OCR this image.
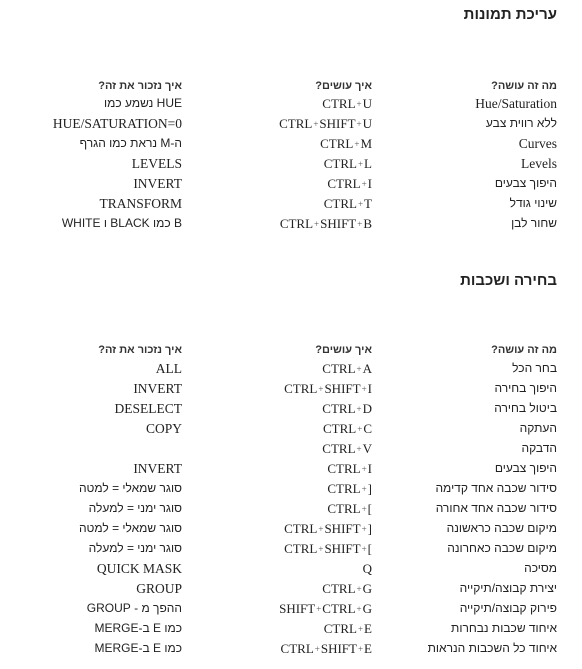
עריכת תמונות
מה זה עושה?
איך עושים?
איך נזכור את זה?
Hue/Saturation
CTRL+U
HUE נשמע כמו
ללא רווית צבע
CTRL+SHIFT+U
HUE/SATURATION=0
Curves
CTRL+M
ה-M נראת כמו הגרף
Levels
CTRL+L
LEVELS
היפוך צבעים
CTRL+I
INVERT
שינוי גודל
CTRL+T
TRANSFORM
שחור לבן
CTRL+SHIFT+B
B כמו BLACK ו WHITE
בחירה ושכבות
מה זה עושה?
איך עושים?
איך נזכור את זה?
בחר הכל
CTRL+A
ALL
היפוך בחירה
CTRL+SHIFT+I
INVERT
ביטול בחירה
CTRL+D
DESELECT
העתקה
CTRL+C
COPY
הדבקה
CTRL+V
היפוך צבעים
CTRL+I
INVERT
סידור שכבה אחד קדימה
CTRL+]
סוגר שמאלי = למטה
סידור שכבה אחד אחורה
CTRL+[
סוגר ימני = למעלה
מיקום שכבה כראשונה
CTRL+SHIFT+]
סוגר שמאלי = למטה
מיקום שכבה כאחרונה
CTRL+SHIFT+[
סוגר ימני = למעלה
מסיכה
Q
QUICK MASK
יצירת קבוצה/תיקייה
CTRL+G
GROUP
פירוק קבוצה/תיקייה
SHIFT+CTRL+G
ההפך מ - GROUP
איחוד שכבות נבחרות
CTRL+E
כמו E ב-MERGE
איחוד כל השכבות הנראות
CTRL+SHIFT+E
כמו E ב-MERGE
